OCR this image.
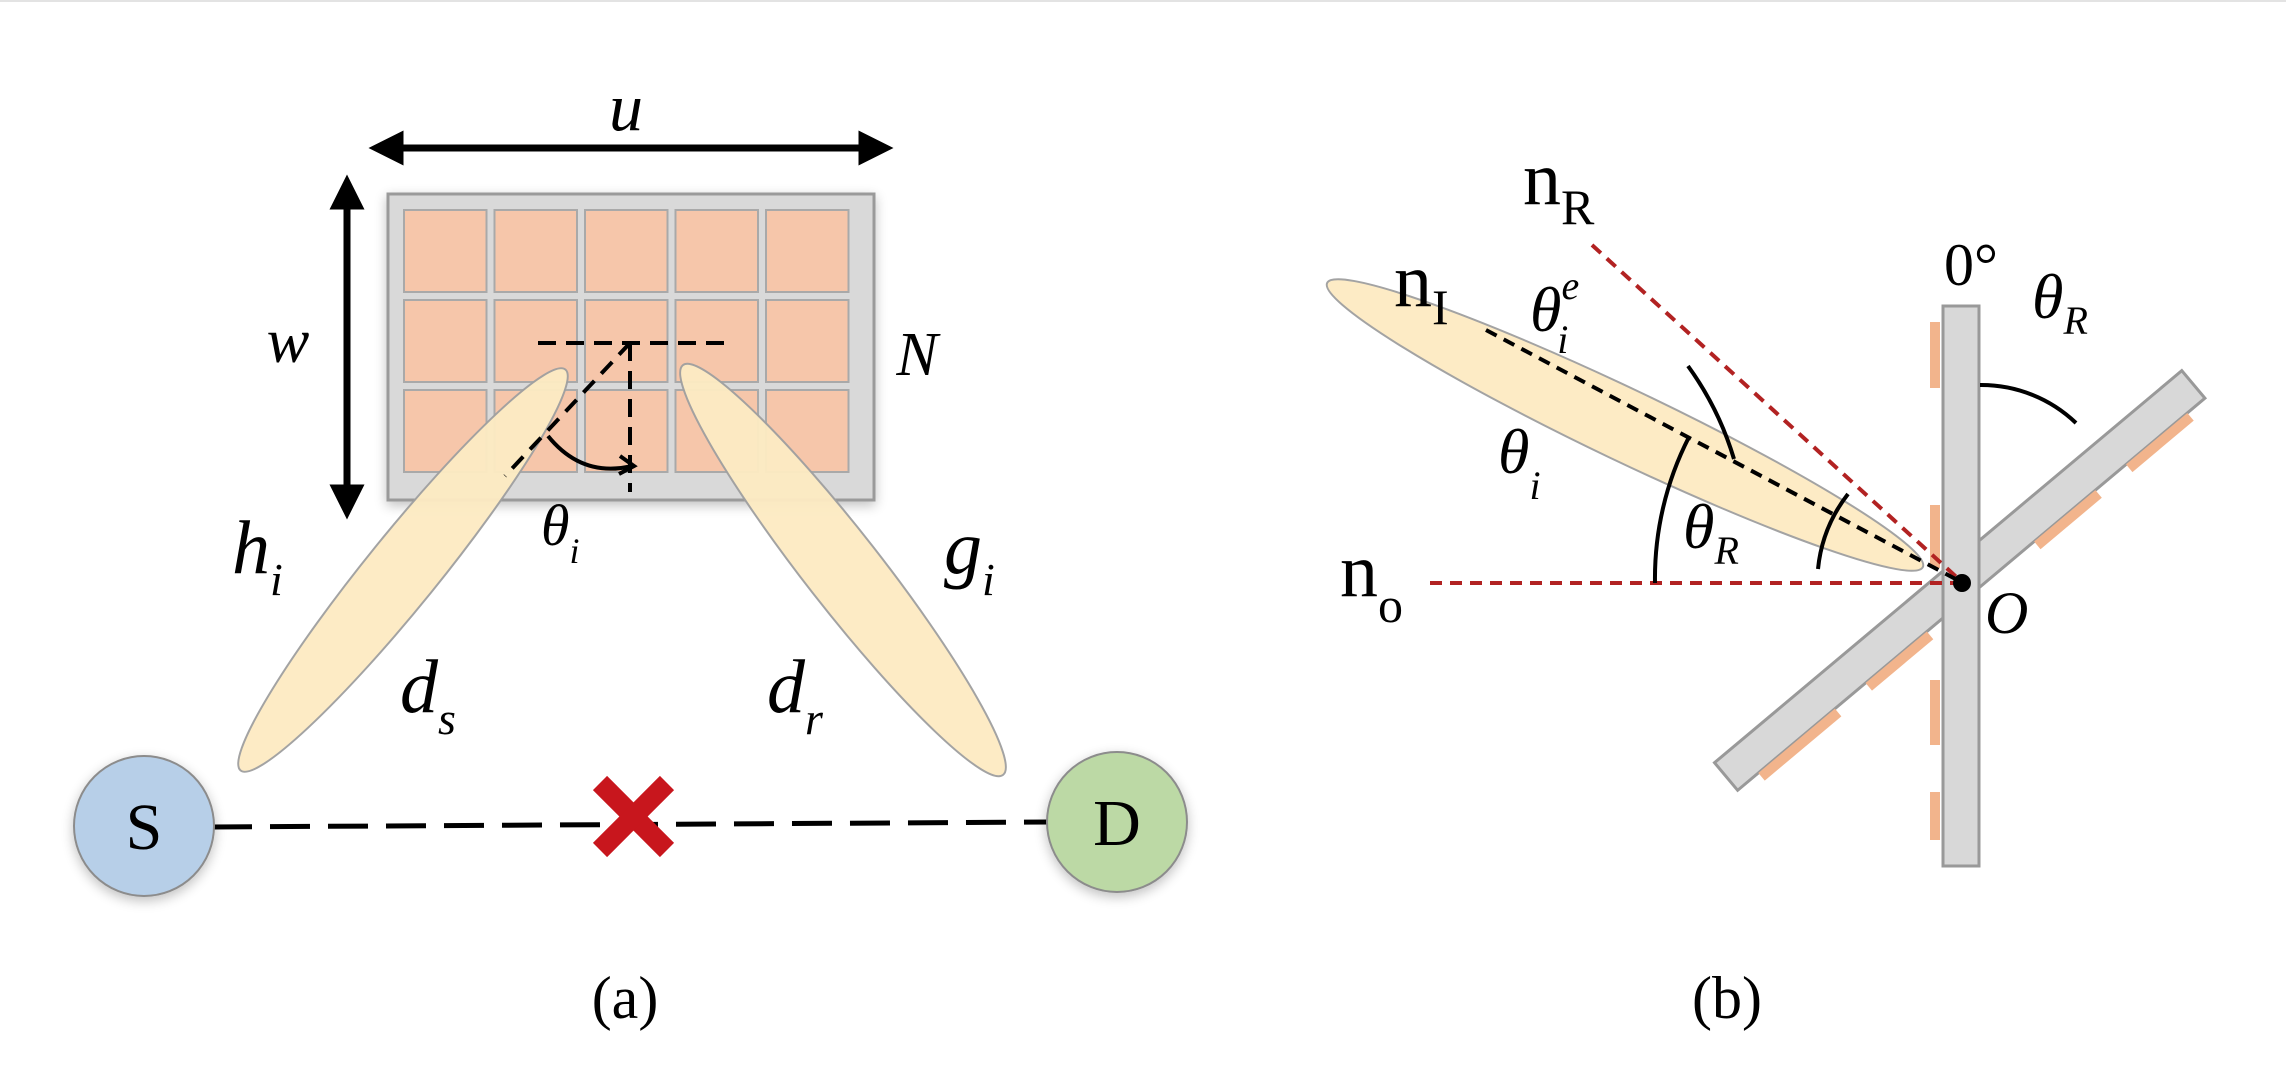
u
w	N
$\theta_i$
$h_i$	$g_i$
$d_s$	$d_r$
S	D
(a)
$n_R$
$n_I$
$n_o$
0° $\theta_R$
$\theta^e$ i
$\theta_i$
$\theta_R$
O
(b)
